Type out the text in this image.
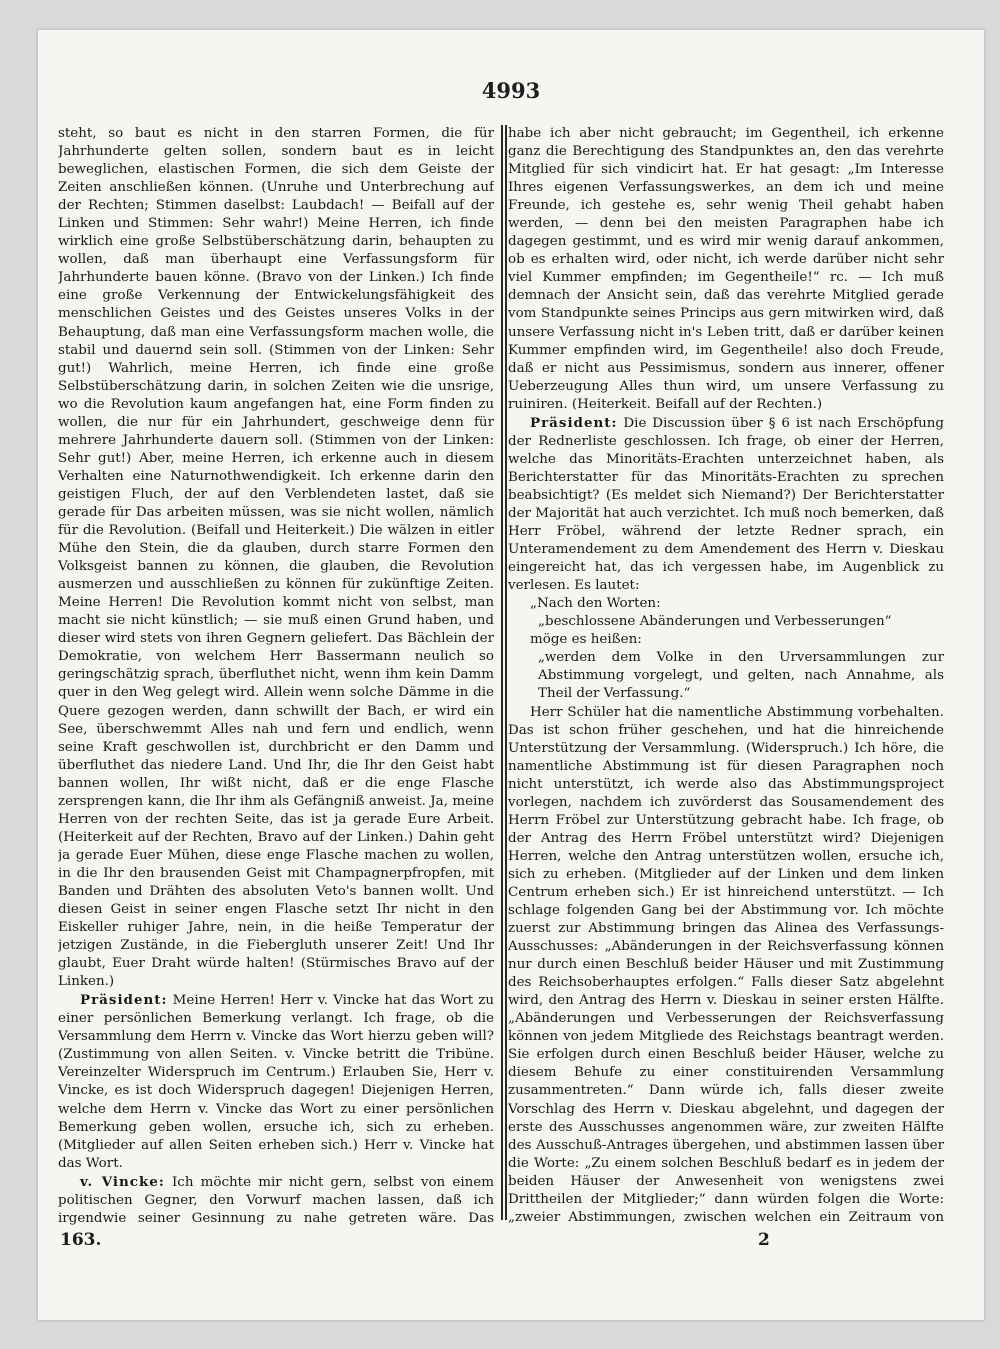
4993

steht, so baut es nicht in den starren Formen, die für Jahrhunderte gelten sollen, sondern baut es in leicht beweglichen, elastischen Formen, die sich dem Geiste der Zeiten anschließen können. (Unruhe und Unterbrechung auf der Rechten; Stimmen daselbst: Laubdach! — Beifall auf der Linken und Stimmen: Sehr wahr!) Meine Herren, ich finde wirklich eine große Selbstüberschätzung darin, behaupten zu wollen, daß man überhaupt eine Verfassungsform für Jahrhunderte bauen könne. (Bravo von der Linken.) Ich finde eine große Verkennung der Entwickelungsfähigkeit des menschlichen Geistes und des Geistes unseres Volks in der Behauptung, daß man eine Verfassungsform machen wolle, die stabil und dauernd sein soll. (Stimmen von der Linken: Sehr gut!) Wahrlich, meine Herren, ich finde eine große Selbstüberschätzung darin, in solchen Zeiten wie die unsrige, wo die Revolution kaum angefangen hat, eine Form finden zu wollen, die nur für ein Jahrhundert, geschweige denn für mehrere Jahrhunderte dauern soll. (Stimmen von der Linken: Sehr gut!) Aber, meine Herren, ich erkenne auch in diesem Verhalten eine Naturnothwendigkeit. Ich erkenne darin den geistigen Fluch, der auf den Verblendeten lastet, daß sie gerade für Das arbeiten müssen, was sie nicht wollen, nämlich für die Revolution. (Beifall und Heiterkeit.) Die wälzen in eitler Mühe den Stein, die da glauben, durch starre Formen den Volksgeist bannen zu können, die glauben, die Revolution ausmerzen und ausschließen zu können für zukünftige Zeiten. Meine Herren! Die Revolution kommt nicht von selbst, man macht sie nicht künstlich; — sie muß einen Grund haben, und dieser wird stets von ihren Gegnern geliefert. Das Bächlein der Demokratie, von welchem Herr Bassermann neulich so geringschätzig sprach, überfluthet nicht, wenn ihm kein Damm quer in den Weg gelegt wird. Allein wenn solche Dämme in die Quere gezogen werden, dann schwillt der Bach, er wird ein See, überschwemmt Alles nah und fern und endlich, wenn seine Kraft geschwollen ist, durchbricht er den Damm und überfluthet das niedere Land. Und Ihr, die Ihr den Geist habt bannen wollen, Ihr wißt nicht, daß er die enge Flasche zersprengen kann, die Ihr ihm als Gefängniß anweist. Ja, meine Herren von der rechten Seite, das ist ja gerade Eure Arbeit. (Heiterkeit auf der Rechten, Bravo auf der Linken.) Dahin geht ja gerade Euer Mühen, diese enge Flasche machen zu wollen, in die Ihr den brausenden Geist mit Champagnerpfropfen, mit Banden und Drähten des absoluten Veto's bannen wollt. Und diesen Geist in seiner engen Flasche setzt Ihr nicht in den Eiskeller ruhiger Jahre, nein, in die heiße Temperatur der jetzigen Zustände, in die Fiebergluth unserer Zeit! Und Ihr glaubt, Euer Draht würde halten! (Stürmisches Bravo auf der Linken.)

Präsident: Meine Herren! Herr v. Vincke hat das Wort zu einer persönlichen Bemerkung verlangt. Ich frage, ob die Versammlung dem Herrn v. Vincke das Wort hierzu geben will? (Zustimmung von allen Seiten. v. Vincke betritt die Tribüne. Vereinzelter Widerspruch im Centrum.) Erlauben Sie, Herr v. Vincke, es ist doch Widerspruch dagegen! Diejenigen Herren, welche dem Herrn v. Vincke das Wort zu einer persönlichen Bemerkung geben wollen, ersuche ich, sich zu erheben. (Mitglieder auf allen Seiten erheben sich.) Herr v. Vincke hat das Wort.

v. Vincke: Ich möchte mir nicht gern, selbst von einem politischen Gegner, den Vorwurf machen lassen, daß ich irgendwie seiner Gesinnung zu nahe getreten wäre. Das

habe ich aber nicht gebraucht; im Gegentheil, ich erkenne ganz die Berechtigung des Standpunktes an, den das verehrte Mitglied für sich vindicirt hat. Er hat gesagt: „Im Interesse Ihres eigenen Verfassungswerkes, an dem ich und meine Freunde, ich gestehe es, sehr wenig Theil gehabt haben werden, — denn bei den meisten Paragraphen habe ich dagegen gestimmt, und es wird mir wenig darauf ankommen, ob es erhalten wird, oder nicht, ich werde darüber nicht sehr viel Kummer empfinden; im Gegentheile!“ rc. — Ich muß demnach der Ansicht sein, daß das verehrte Mitglied gerade vom Standpunkte seines Princips aus gern mitwirken wird, daß unsere Verfassung nicht in's Leben tritt, daß er darüber keinen Kummer empfinden wird, im Gegentheile! also doch Freude, daß er nicht aus Pessimismus, sondern aus innerer, offener Ueberzeugung Alles thun wird, um unsere Verfassung zu ruiniren. (Heiterkeit. Beifall auf der Rechten.)

Präsident: Die Discussion über § 6 ist nach Erschöpfung der Rednerliste geschlossen. Ich frage, ob einer der Herren, welche das Minoritäts-Erachten unterzeichnet haben, als Berichterstatter für das Minoritäts-Erachten zu sprechen beabsichtigt? (Es meldet sich Niemand?) Der Berichterstatter der Majorität hat auch verzichtet. Ich muß noch bemerken, daß Herr Fröbel, während der letzte Redner sprach, ein Unteramendement zu dem Amendement des Herrn v. Dieskau eingereicht hat, das ich vergessen habe, im Augenblick zu verlesen. Es lautet:

„Nach den Worten:

„beschlossene Abänderungen und Verbesserungen“

möge es heißen:

„werden dem Volke in den Urversammlungen zur Abstimmung vorgelegt, und gelten, nach Annahme, als Theil der Verfassung.“

Herr Schüler hat die namentliche Abstimmung vorbehalten. Das ist schon früher geschehen, und hat die hinreichende Unterstützung der Versammlung. (Widerspruch.) Ich höre, die namentliche Abstimmung ist für diesen Paragraphen noch nicht unterstützt, ich werde also das Abstimmungsproject vorlegen, nachdem ich zuvörderst das Sousamendement des Herrn Fröbel zur Unterstützung gebracht habe. Ich frage, ob der Antrag des Herrn Fröbel unterstützt wird? Diejenigen Herren, welche den Antrag unterstützen wollen, ersuche ich, sich zu erheben. (Mitglieder auf der Linken und dem linken Centrum erheben sich.) Er ist hinreichend unterstützt. — Ich schlage folgenden Gang bei der Abstimmung vor. Ich möchte zuerst zur Abstimmung bringen das Alinea des Verfassungs-Ausschusses: „Abänderungen in der Reichsverfassung können nur durch einen Beschluß beider Häuser und mit Zustimmung des Reichsoberhauptes erfolgen.“ Falls dieser Satz abgelehnt wird, den Antrag des Herrn v. Dieskau in seiner ersten Hälfte. „Abänderungen und Verbesserungen der Reichsverfassung können von jedem Mitgliede des Reichstags beantragt werden. Sie erfolgen durch einen Beschluß beider Häuser, welche zu diesem Behufe zu einer constituirenden Versammlung zusammentreten.“ Dann würde ich, falls dieser zweite Vorschlag des Herrn v. Dieskau abgelehnt, und dagegen der erste des Ausschusses angenommen wäre, zur zweiten Hälfte des Ausschuß-Antrages übergehen, und abstimmen lassen über die Worte: „Zu einem solchen Beschluß bedarf es in jedem der beiden Häuser der Anwesenheit von wenigstens zwei Drittheilen der Mitglieder;“ dann würden folgen die Worte: „zweier Abstimmungen, zwischen welchen ein Zeitraum von

163.	2
